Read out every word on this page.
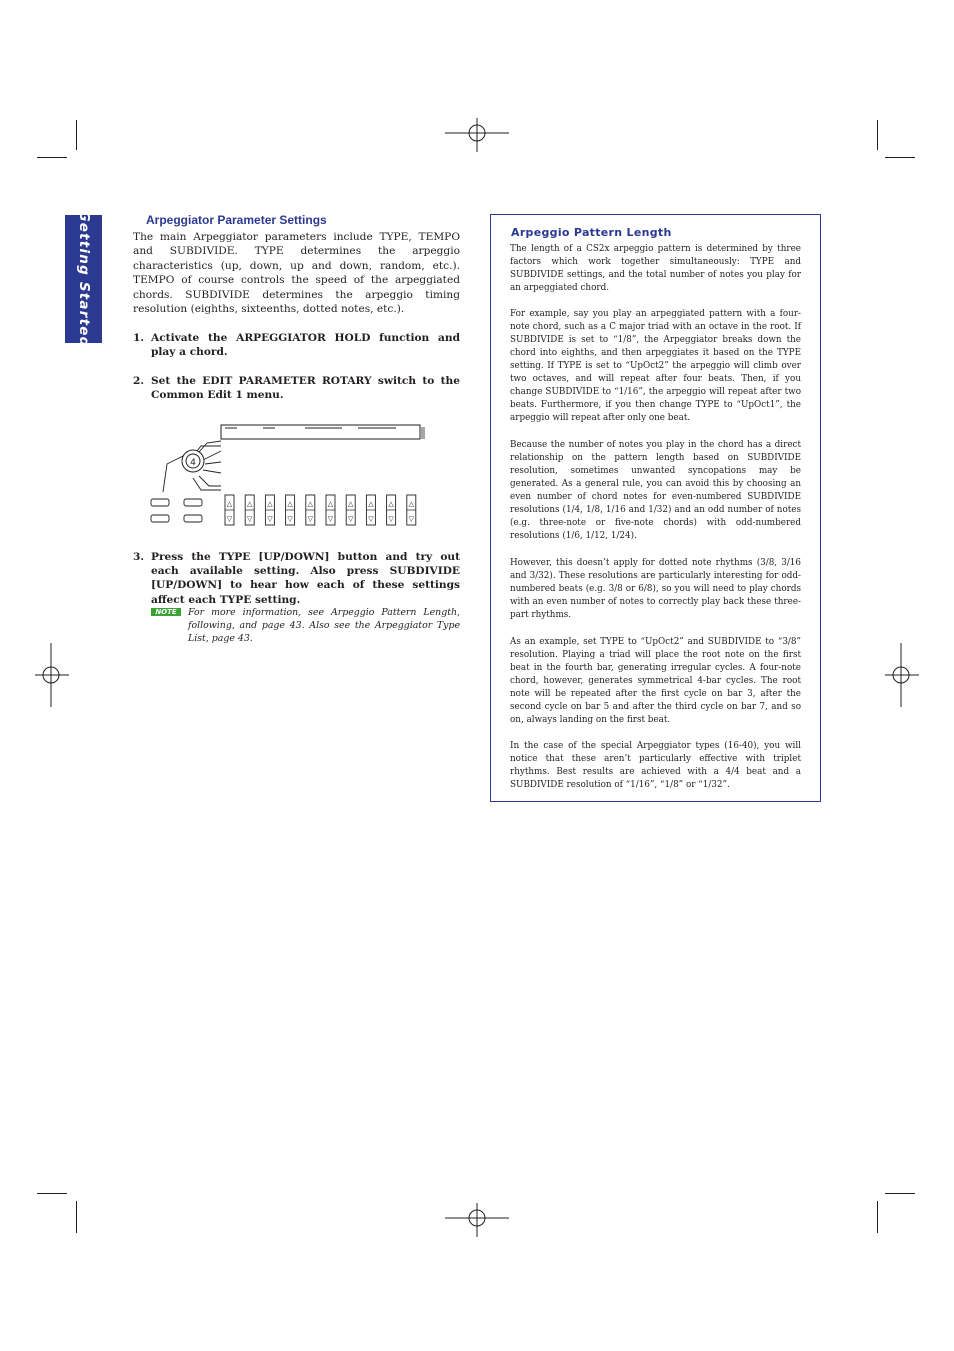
Getting Started	Arpeggiator Parameter Settings

The main Arpeggiator parameters include TYPE, TEMPO and SUBDIVIDE. TYPE determines the arpeggio characteristics (up, down, up and down, random, etc.). TEMPO of course controls the speed of the arpeggiated chords. SUBDIVIDE determines the arpeggio timing resolution (eighths, sixteenths, dotted notes, etc.).

1. Activate the ARPEGGIATOR HOLD function and play a chord.
2. Set the EDIT PARAMETER ROTARY switch to the Common Edit 1 menu.
4
△
▽
△
▽
△
▽
△
▽
△
▽
△
▽
△
▽
△
▽
△
▽
△
▽
3. Press the TYPE [UP/DOWN] button and try out each available setting. Also press SUBDIVIDE [UP/DOWN] to hear how each of these settings affect each TYPE setting.
NOTE	For more information, see Arpeggio Pattern Length, following, and page 43. Also see the Arpeggiator Type List, page 43.
Arpeggio Pattern Length

The length of a CS2x arpeggio pattern is determined by three factors which work together simultaneously: TYPE and SUBDIVIDE settings, and the total number of notes you play for an arpeggiated chord.

For example, say you play an arpeggiated pattern with a four-note chord, such as a C major triad with an octave in the root. If SUBDIVIDE is set to “1/8”, the Arpeggiator breaks down the chord into eighths, and then arpeggiates it based on the TYPE setting. If TYPE is set to “UpOct2” the arpeggio will climb over two octaves, and will repeat after four beats. Then, if you change SUBDIVIDE to “1/16”, the arpeggio will repeat after two beats. Furthermore, if you then change TYPE to “UpOct1”, the arpeggio will repeat after only one beat.

Because the number of notes you play in the chord has a direct relationship on the pattern length based on SUBDIVIDE resolution, sometimes unwanted syncopations may be generated. As a general rule, you can avoid this by choosing an even number of chord notes for even-numbered SUBDIVIDE resolutions (1/4, 1/8, 1/16 and 1/32) and an odd number of notes (e.g. three-note or five-note chords) with odd-numbered resolutions (1/6, 1/12, 1/24).

However, this doesn’t apply for dotted note rhythms (3/8, 3/16 and 3/32). These resolutions are particularly interesting for odd-numbered beats (e.g. 3/8 or 6/8), so you will need to play chords with an even number of notes to correctly play back these three-part rhythms.

As an example, set TYPE to “UpOct2” and SUBDIVIDE to “3/8” resolution. Playing a triad will place the root note on the first beat in the fourth bar, generating irregular cycles. A four-note chord, however, generates symmetrical 4-bar cycles. The root note will be repeated after the first cycle on bar 3, after the second cycle on bar 5 and after the third cycle on bar 7, and so on, always landing on the first beat.

In the case of the special Arpeggiator types (16-40), you will notice that these aren’t particularly effective with triplet rhythms. Best results are achieved with a 4/4 beat and a SUBDIVIDE resolution of “1/16”, “1/8” or “1/32”.
